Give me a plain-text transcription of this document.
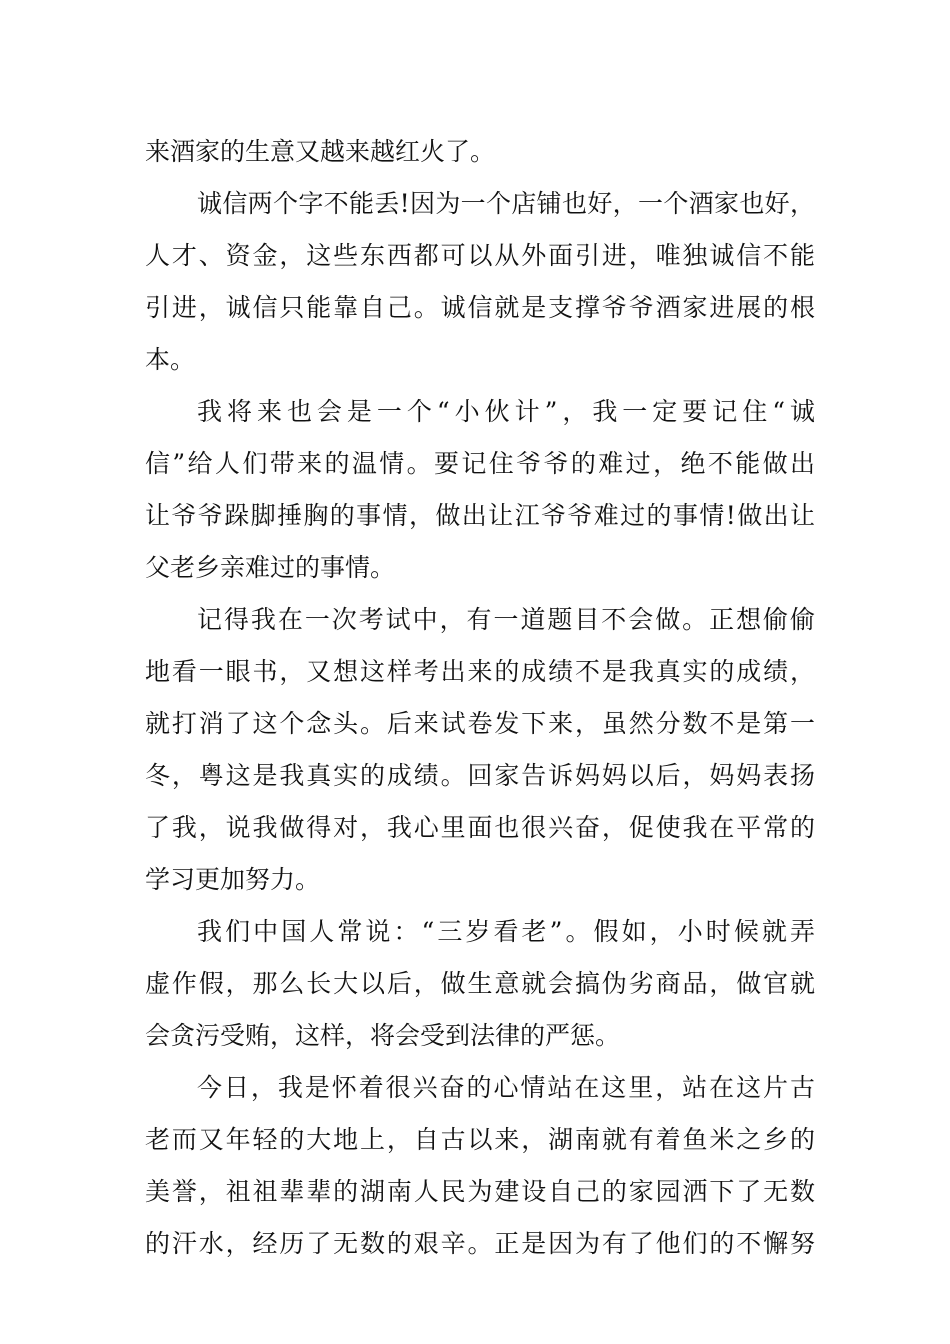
来酒家的生意又越来越红火了。
诚信两个字不能丢!因为一个店铺也好，一个酒家也好，
人才、资金，这些东西都可以从外面引进，唯独诚信不能
引进，诚信只能靠自己。诚信就是支撑爷爷酒家进展的根
本。
我将来也会是一个“小伙计”，我一定要记住“诚
信”给人们带来的温情。要记住爷爷的难过，绝不能做出
让爷爷跺脚捶胸的事情，做出让江爷爷难过的事情!做出让
父老乡亲难过的事情。
记得我在一次考试中，有一道题目不会做。正想偷偷
地看一眼书，又想这样考出来的成绩不是我真实的成绩，
就打消了这个念头。后来试卷发下来，虽然分数不是第一
冬，粤这是我真实的成绩。回家告诉妈妈以后，妈妈表扬
了我，说我做得对，我心里面也很兴奋，促使我在平常的
学习更加努力。
我们中国人常说：“三岁看老”。假如，小时候就弄
虚作假，那么长大以后，做生意就会搞伪劣商品，做官就
会贪污受贿，这样，将会受到法律的严惩。
今日，我是怀着很兴奋的心情站在这里，站在这片古
老而又年轻的大地上，自古以来，湖南就有着鱼米之乡的
美誉，祖祖辈辈的湖南人民为建设自己的家园洒下了无数
的汗水，经历了无数的艰辛。正是因为有了他们的不懈努
